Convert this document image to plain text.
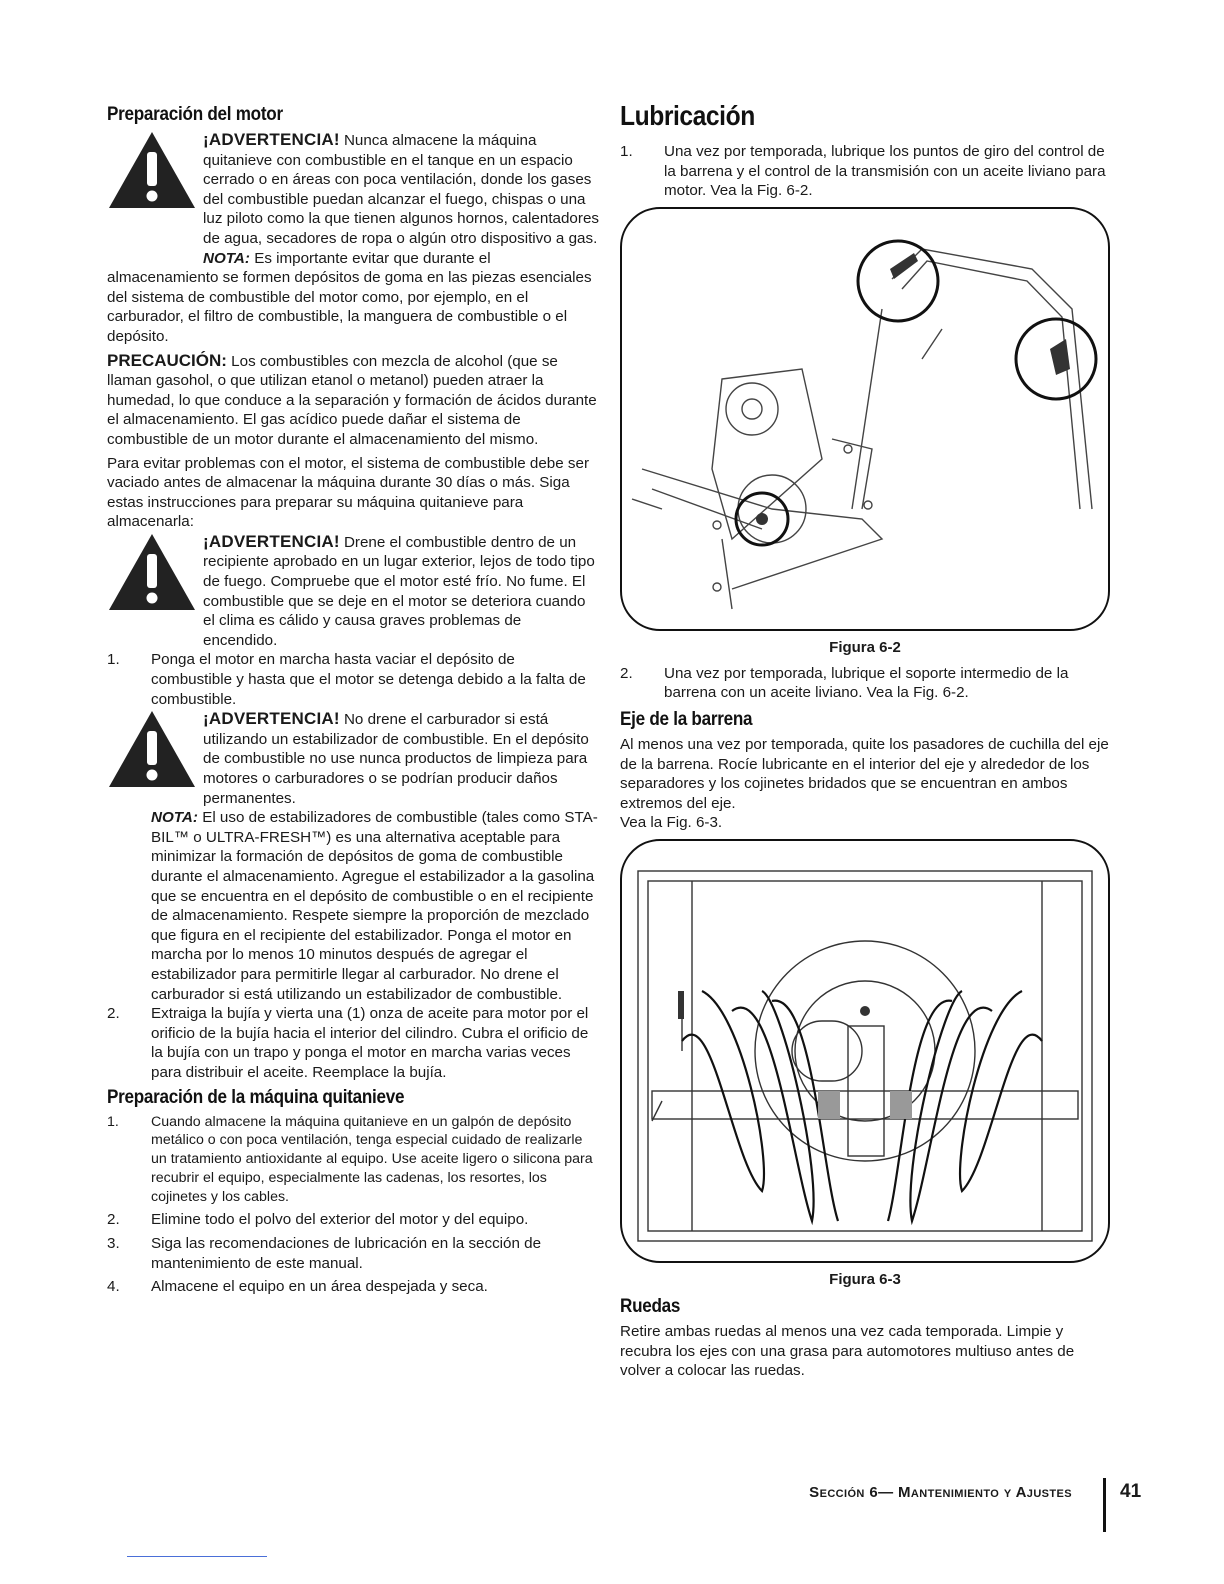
Preparación del motor

¡ADVERTENCIA! Nunca almacene la máquina quitanieve con combustible en el tanque en un espacio cerrado o en áreas con poca ventilación, donde los gases del combustible puedan alcanzar el fuego, chispas o una luz piloto como la que tienen algunos hornos, calentadores de agua, secadores de ropa o algún otro dispositivo a gas.

NOTA: Es importante evitar que durante el

almacenamiento se formen depósitos de goma en las piezas esenciales del sistema de combustible del motor como, por ejemplo, en el carburador, el filtro de combustible, la manguera de combustible o el depósito.

PRECAUCIÓN: Los combustibles con mezcla de alcohol (que se llaman gasohol, o que utilizan etanol o metanol) pueden atraer la humedad, lo que conduce a la separación y formación de ácidos durante el almacenamiento. El gas acídico puede dañar el sistema de combustible de un motor durante el almacenamiento del mismo.

Para evitar problemas con el motor, el sistema de combustible debe ser vaciado antes de almacenar la máquina durante 30 días o más. Siga estas instrucciones para preparar su máquina quitanieve para almacenarla:

¡ADVERTENCIA! Drene el combustible dentro de un recipiente aprobado en un lugar exterior, lejos de todo tipo de fuego. Compruebe que el motor esté frío. No fume. El combustible que se deje en el motor se deteriora cuando el clima es cálido y causa graves problemas de encendido.

1. Ponga el motor en marcha hasta vaciar el depósito de combustible y hasta que el motor se detenga debido a la falta de combustible.

¡ADVERTENCIA! No drene el carburador si está utilizando un estabilizador de combustible. En el depósito de combustible no use nunca productos de limpieza para motores o carburadores o se podrían producir daños permanentes.

NOTA: El uso de estabilizadores de combustible (tales como STA-BIL™ o ULTRA-FRESH™) es una alternativa aceptable para minimizar la formación de depósitos de goma de combustible durante el almacenamiento. Agregue el estabilizador a la gasolina que se encuentra en el depósito de combustible o en el recipiente de almacenamiento. Respete siempre la proporción de mezclado que figura en el recipiente del estabilizador. Ponga el motor en marcha por lo menos 10 minutos después de agregar el estabilizador para permitirle llegar al carburador. No drene el carburador si está utilizando un estabilizador de combustible.

2. Extraiga la bujía y vierta una (1) onza de aceite para motor por el orificio de la bujía hacia el interior del cilindro. Cubra el orificio de la bujía con un trapo y ponga el motor en marcha varias veces para distribuir el aceite. Reemplace la bujía.

Preparación de la máquina quitanieve
1. Cuando almacene la máquina quitanieve en un galpón de depósito metálico o con poca ventilación, tenga especial cuidado de realizarle un tratamiento antioxidante al equipo. Use aceite ligero o silicona para recubrir el equipo, especialmente las cadenas, los resortes, los cojinetes y los cables.

2. Elimine todo el polvo del exterior del motor y del equipo.

3. Siga las recomendaciones de lubricación en la sección de mantenimiento de este manual.

4. Almacene el equipo en un área despejada y seca.

Lubricación
1. Una vez por temporada, lubrique los puntos de giro del control de la barrena y el control de la transmisión con un aceite liviano para motor. Vea la Fig. 6-2.

Figura 6-2
2. Una vez por temporada, lubrique el soporte intermedio de la barrena con un aceite liviano. Vea la Fig. 6-2.

Eje de la barrena

Al menos una vez por temporada, quite los pasadores de cuchilla del eje de la barrena. Rocíe lubricante en el interior del eje y alrededor de los separadores y los cojinetes bridados que se encuentran en ambos extremos del eje.

Vea la Fig. 6-3.

Figura 6-3
Ruedas

Retire ambas ruedas al menos una vez cada temporada. Limpie y recubra los ejes con una grasa para automotores multiuso antes de volver a colocar las ruedas.

Sección 6— Mantenimiento y Ajustes	41
